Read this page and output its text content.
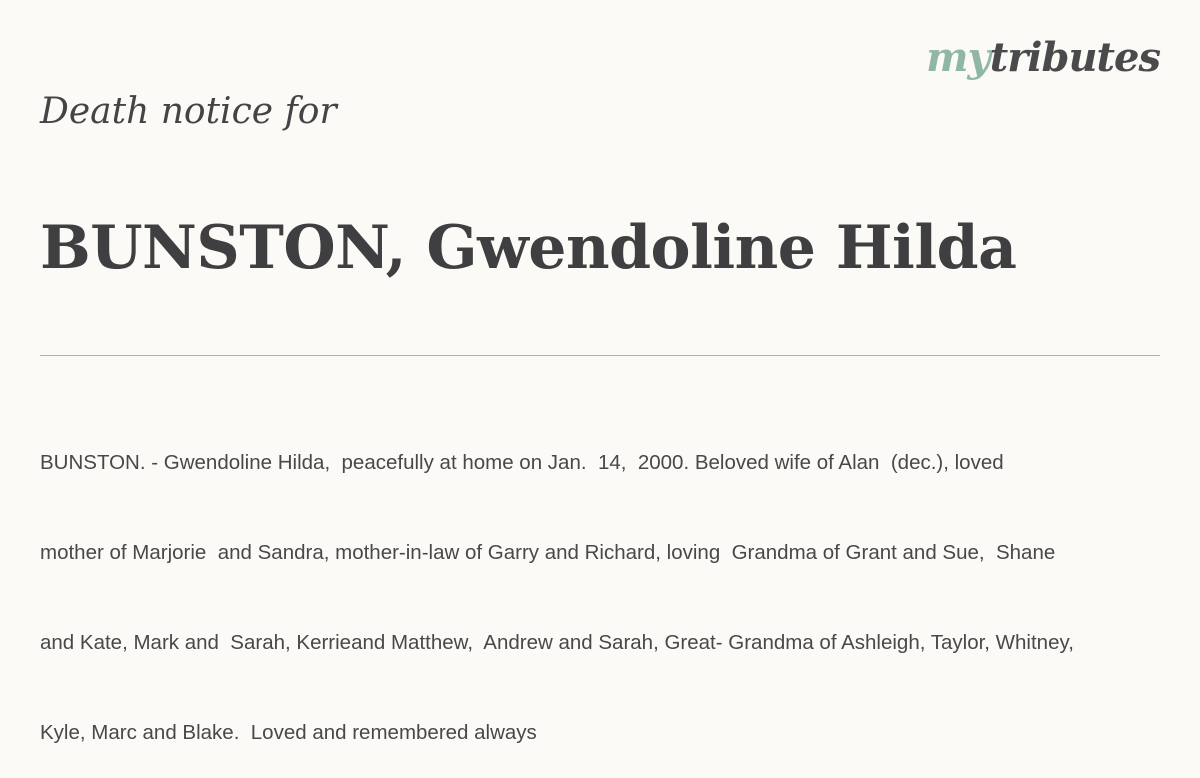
mytributes
Death notice for
BUNSTON, Gwendoline Hilda

BUNSTON. - Gwendoline Hilda,  peacefully at home on Jan.  14,  2000. Beloved wife of Alan  (dec.), loved

mother of Marjorie  and Sandra, mother-in-law of Garry and Richard, loving  Grandma of Grant and Sue,  Shane

and Kate, Mark and  Sarah, Kerrieand Matthew,  Andrew and Sarah, Great- Grandma of Ashleigh, Taylor, Whitney,

Kyle, Marc and Blake.  Loved and remembered always
